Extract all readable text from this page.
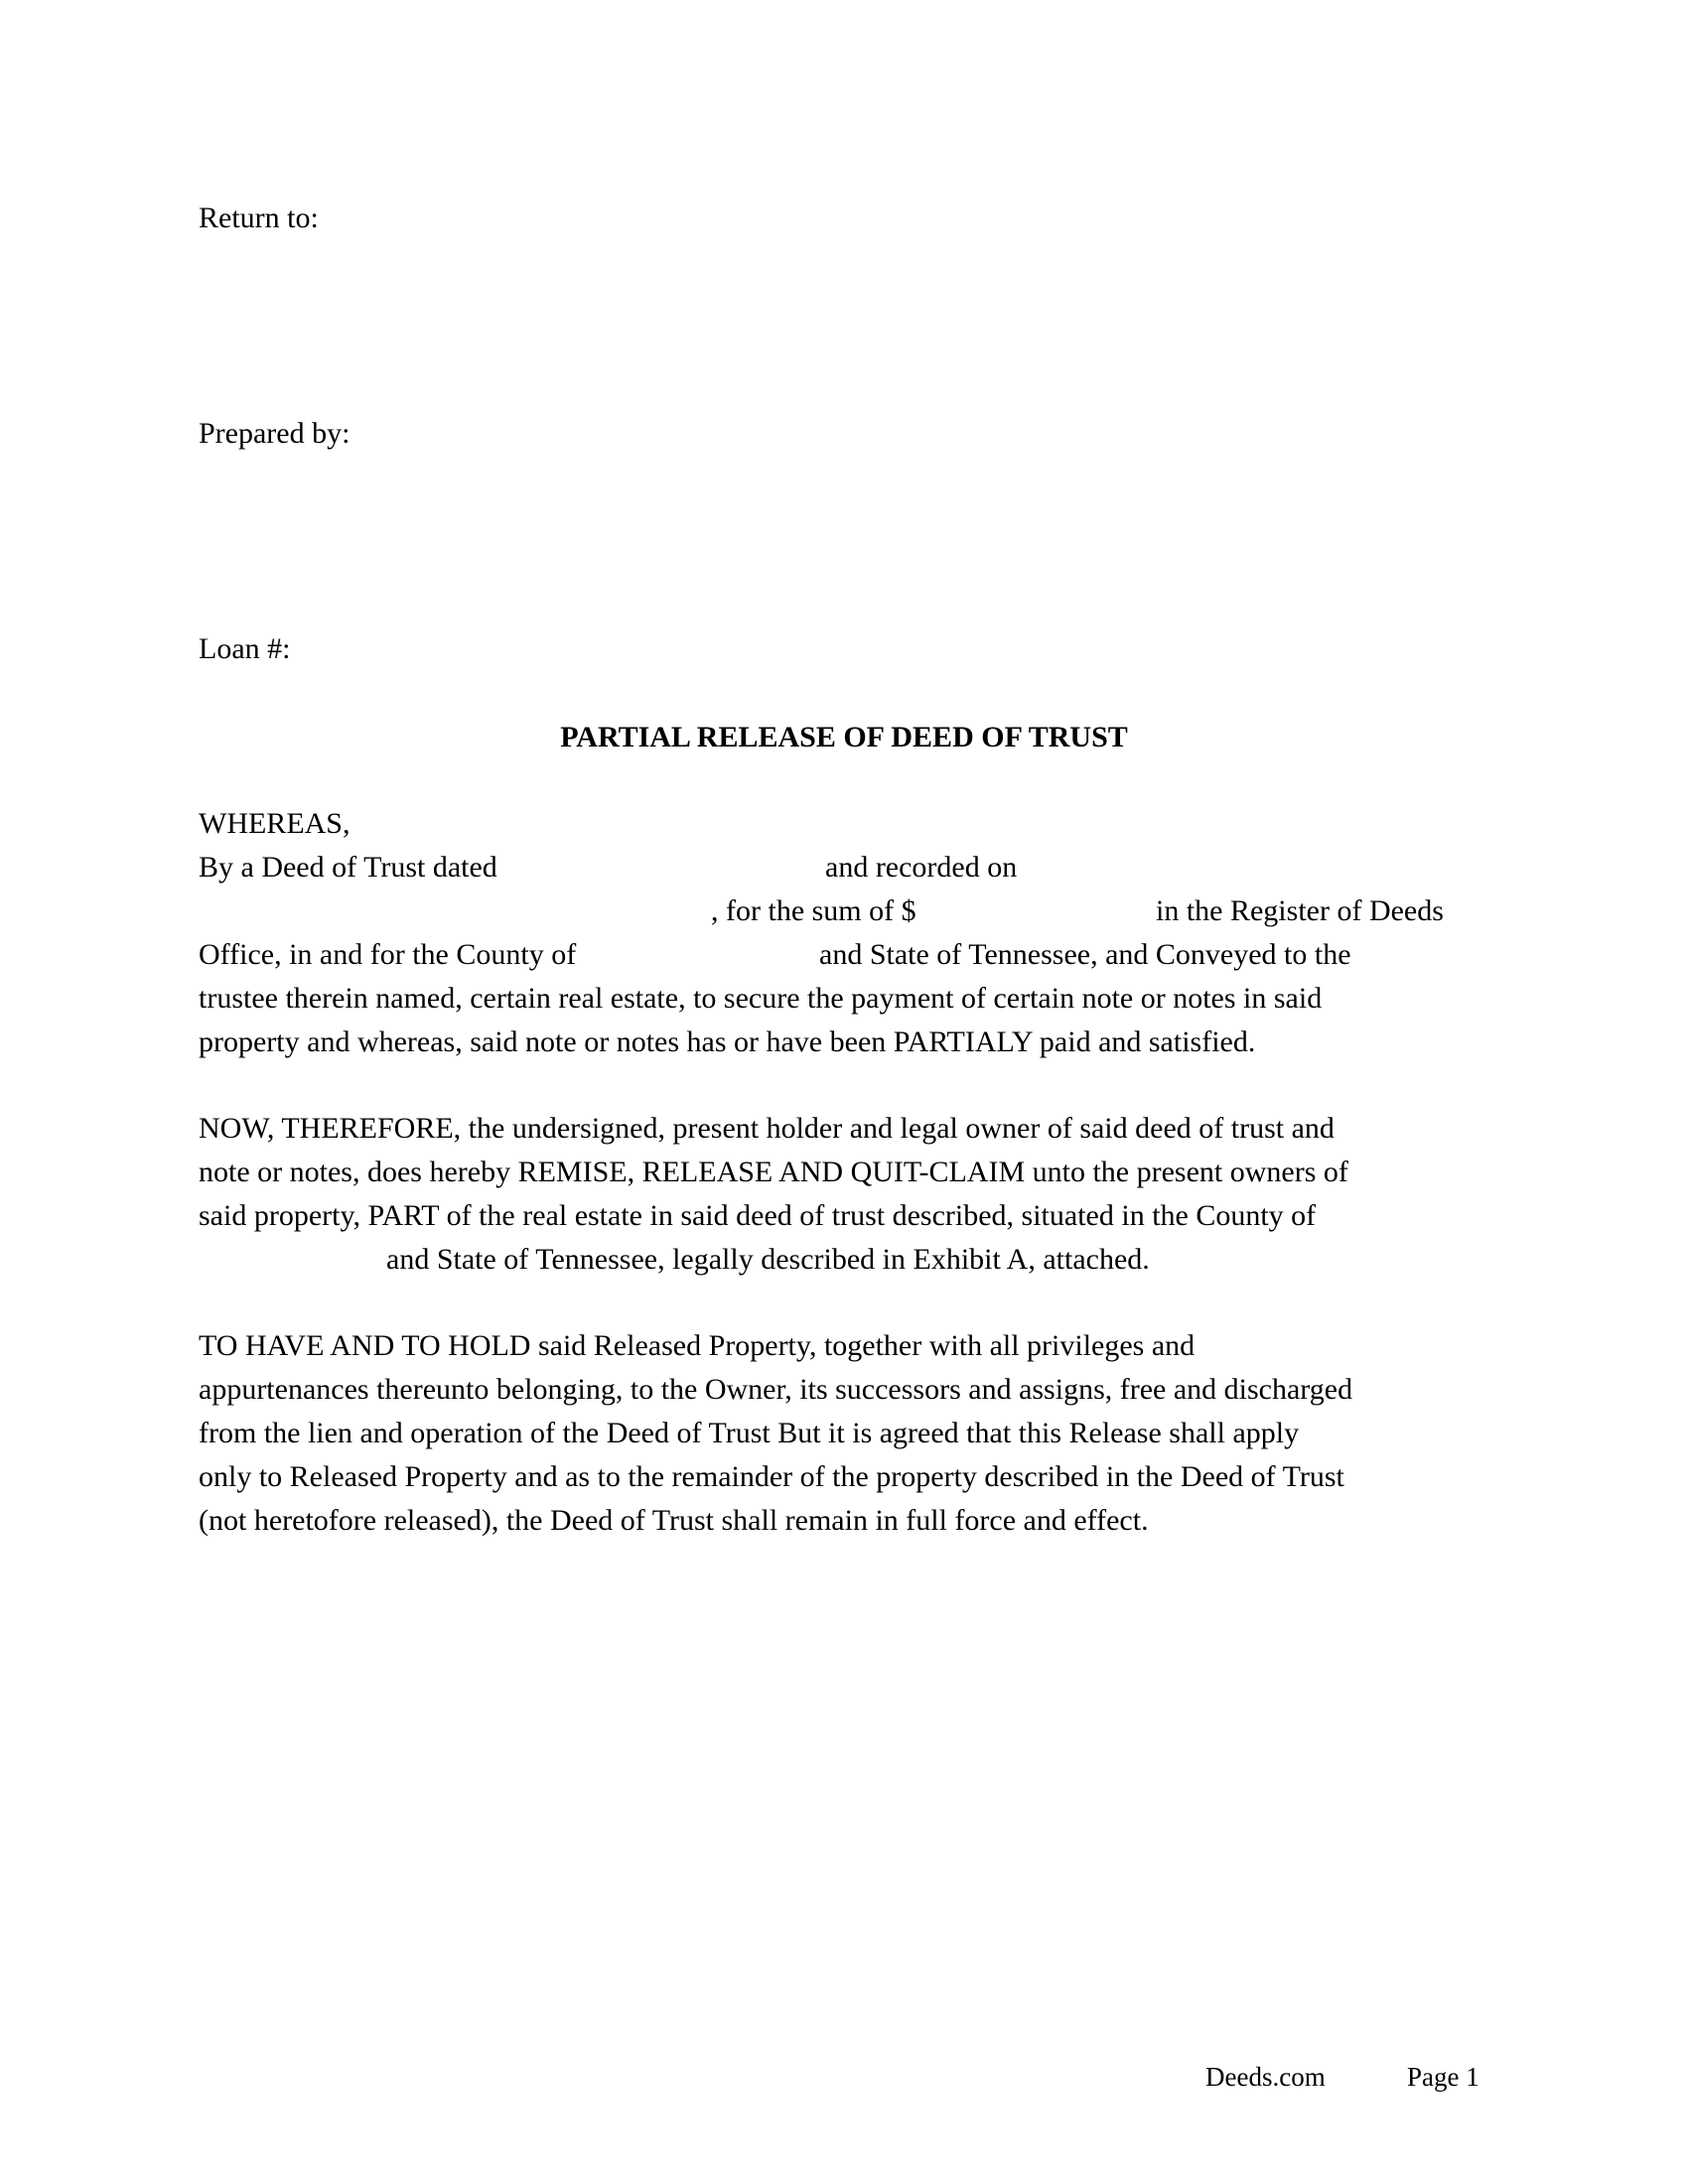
Return to:
Prepared by:
Loan #:
PARTIAL RELEASE OF DEED OF TRUST
WHEREAS,
By a Deed of Trust dated	and recorded on
, for the sum of $	in the Register of Deeds
Office, in and for the County of	and State of Tennessee, and Conveyed to the
trustee therein named, certain real estate, to secure the payment of certain note or notes in said
property and whereas, said note or notes has or have been PARTIALY paid and satisfied.
NOW, THEREFORE, the undersigned, present holder and legal owner of said deed of trust and
note or notes, does hereby REMISE, RELEASE AND QUIT-CLAIM unto the present owners of
said property, PART of the real estate in said deed of trust described, situated in the County of
and State of Tennessee, legally described in Exhibit A, attached.
TO HAVE AND TO HOLD said Released Property, together with all privileges and
appurtenances thereunto belonging, to the Owner, its successors and assigns, free and discharged
from the lien and operation of the Deed of Trust But it is agreed that this Release shall apply
only to Released Property and as to the remainder of the property described in the Deed of Trust
(not heretofore released), the Deed of Trust shall remain in full force and effect.
Deeds.com	Page 1
